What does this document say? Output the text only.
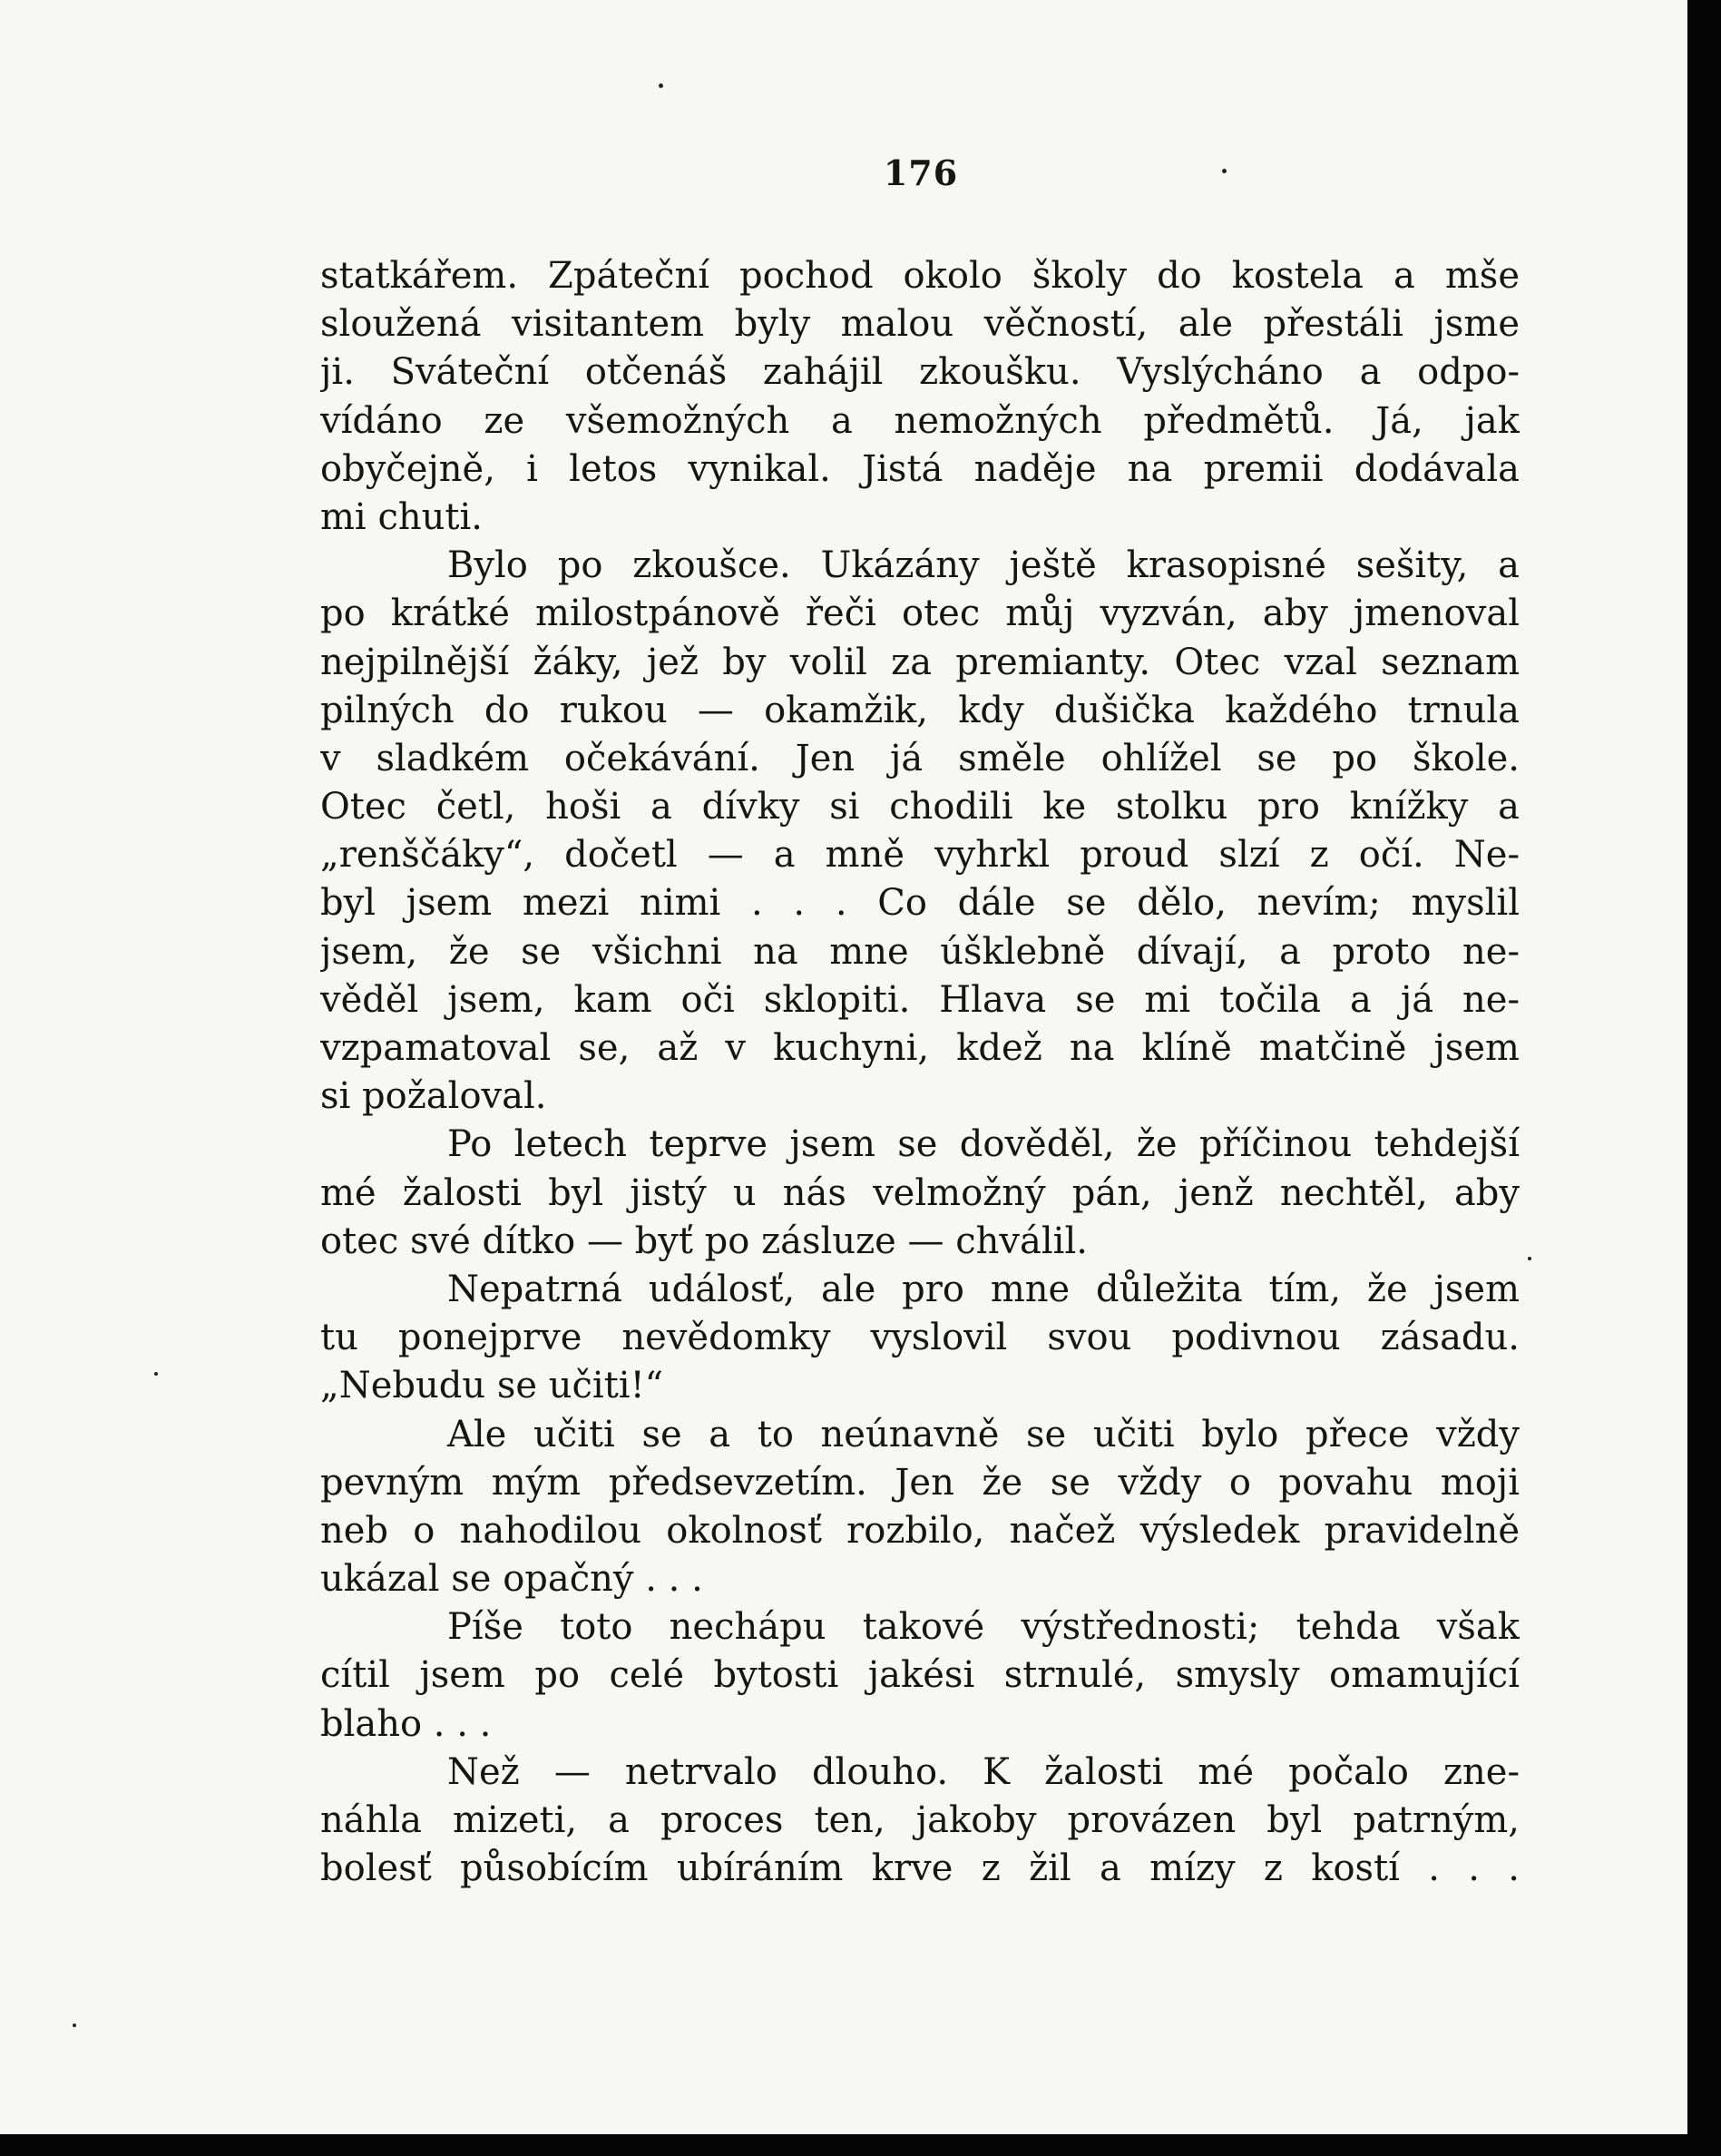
176
statkářem. Zpáteční pochod okolo školy do kostela a mše
sloužená visitantem byly malou věčností, ale přestáli jsme
ji. Sváteční otčenáš zahájil zkoušku. Vyslýcháno a odpo-
vídáno ze všemožných a nemožných předmětů. Já, jak
obyčejně, i letos vynikal. Jistá naděje na premii dodávala
mi chuti.
Bylo po zkoušce. Ukázány ještě krasopisné sešity, a
po krátké milostpánově řeči otec můj vyzván, aby jmenoval
nejpilnější žáky, jež by volil za premianty. Otec vzal seznam
pilných do rukou — okamžik, kdy dušička každého trnula
v sladkém očekávání. Jen já směle ohlížel se po škole.
Otec četl, hoši a dívky si chodili ke stolku pro knížky a
„renščáky“, dočetl — a mně vyhrkl proud slzí z očí. Ne-
byl jsem mezi nimi . . . Co dále se dělo, nevím; myslil
jsem, že se všichni na mne úšklebně dívají, a proto ne-
věděl jsem, kam oči sklopiti. Hlava se mi točila a já ne-
vzpamatoval se, až v kuchyni, kdež na klíně matčině jsem
si požaloval.
Po letech teprve jsem se dověděl, že příčinou tehdejší
mé žalosti byl jistý u nás velmožný pán, jenž nechtěl, aby
otec své dítko — byť po zásluze — chválil.
Nepatrná událosť, ale pro mne důležita tím, že jsem
tu ponejprve nevědomky vyslovil svou podivnou zásadu.
„Nebudu se učiti!“
Ale učiti se a to neúnavně se učiti bylo přece vždy
pevným mým předsevzetím. Jen že se vždy o povahu moji
neb o nahodilou okolnosť rozbilo, načež výsledek pravidelně
ukázal se opačný . . .
Píše toto nechápu takové výstřednosti; tehda však
cítil jsem po celé bytosti jakési strnulé, smysly omamující
blaho . . .
Než — netrvalo dlouho. K žalosti mé počalo zne-
náhla mizeti, a proces ten, jakoby provázen byl patrným,
bolesť působícím ubíráním krve z žil a mízy z kostí . . .
